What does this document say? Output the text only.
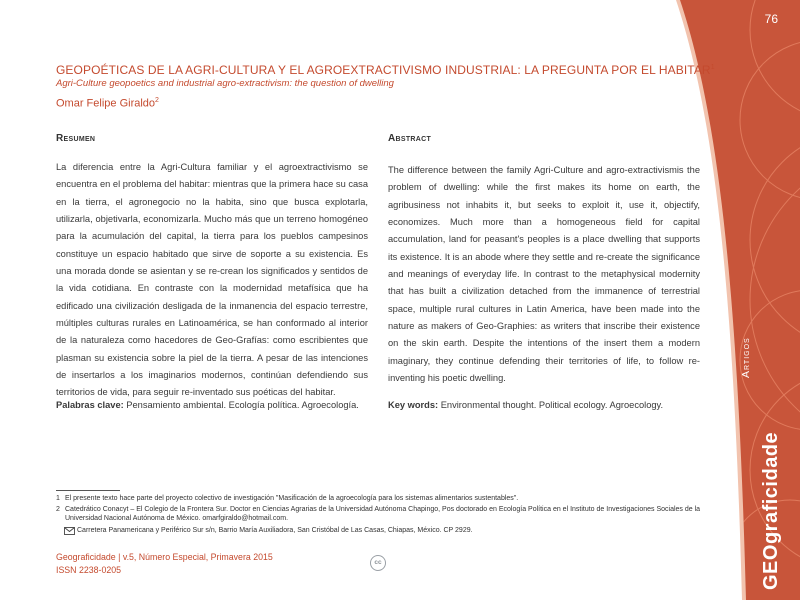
76
Artigos
GEOgraficidade
GEOPOÉTICAS DE LA AGRI-CULTURA Y EL AGROEXTRACTIVISMO INDUSTRIAL: LA PREGUNTA POR EL HABITAR$^1$
Agri-Culture geopoetics and industrial agro-extractivism: the question of dwelling
Omar Felipe Giraldo$^2$
Resumen
La diferencia entre la Agri-Cultura familiar y el agroextractivismo se encuentra en el problema del habitar: mientras que la primera hace su casa en la tierra, el agronegocio no la habita, sino que busca explotarla, utilizarla, objetivarla, economizarla. Mucho más que un terreno homogéneo para la acumulación del capital, la tierra para los pueblos campesinos constituye un espacio habitado que sirve de soporte a su existencia. Es una morada donde se asientan y se re-crean los significados y sentidos de la vida cotidiana. En contraste con la modernidad metafísica que ha edificado una civilización desligada de la inmanencia del espacio terrestre, múltiples culturas rurales en Latinoamérica, se han conformado al interior de la naturaleza como hacedores de Geo-Grafías: como escribientes que plasman su existencia sobre la piel de la tierra. A pesar de las intenciones de insertarlos a los imaginarios modernos, continúan defendiendo sus territorios de vida, para seguir re-inventado sus poéticas del habitar.
Palabras clave: Pensamiento ambiental. Ecología política. Agroecología.
Abstract
The difference between the family Agri-Culture and agro-extractivismis the problem of dwelling: while the first makes its home on earth, the agribusiness not inhabits it, but seeks to exploit it, use it, objectify, economizes. Much more than a homogeneous field for capital accumulation, land for peasant's peoples is a place dwelling that supports its existence. It is an abode where they settle and re-create the significance and meanings of everyday life. In contrast to the metaphysical modernity that has built a civilization detached from the immanence of terrestrial space, multiple rural cultures in Latin America, have been made into the nature as makers of Geo-Graphies: as writers that inscribe their existence on the skin earth. Despite the intentions of the insert them a modern imaginary, they continue defending their territories of life, to follow re-inventing his poetic dwelling.
Key words: Environmental thought. Political ecology. Agroecology.
1 El presente texto hace parte del proyecto colectivo de investigación "Masificación de la agroecología para los sistemas alimentarios sustentables".
2 Catedrático Conacyt – El Colegio de la Frontera Sur. Doctor en Ciencias Agrarias de la Universidad Autónoma Chapingo, Pos doctorado en Ecología Política en el Instituto de Investigaciones Sociales de la Universidad Nacional Autónoma de México. omarfgiraldo@hotmail.com.
Carretera Panamericana y Periférico Sur s/n, Barrio María Auxiliadora, San Cristóbal de Las Casas, Chiapas, México. CP 2929.
Geograficidade | v.5, Número Especial, Primavera 2015
ISSN 2238-0205
cc
